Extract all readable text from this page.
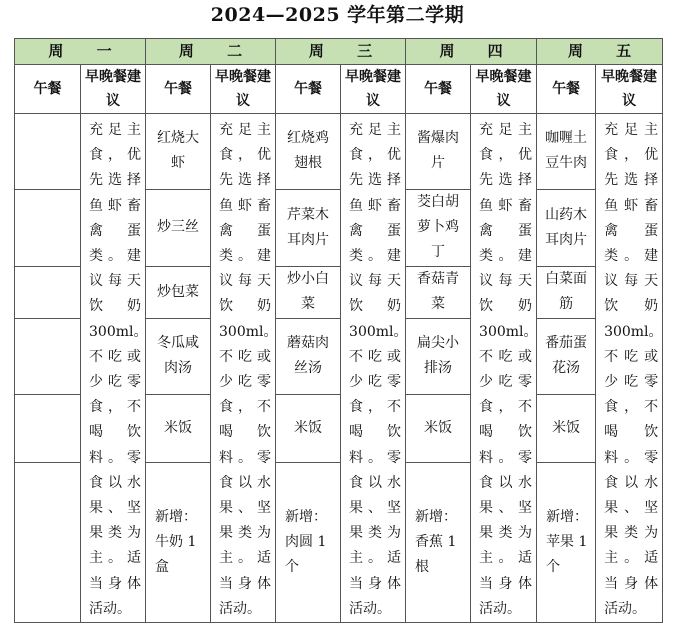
2024—2025 学年第二学期
周 一		周 二		周 三		周 四		周 五	
午餐	早晚餐建议	午餐	早晚餐建议	午餐	早晚餐建议	午餐	早晚餐建议	午餐	早晚餐建议
	充足主食，优先选择鱼虾畜禽蛋类。建议每天饮奶300ml。不吃或少吃零食，不喝饮料。零食以水果、坚果类为主。适当身体活动。	红烧大虾	充足主食，优先选择鱼虾畜禽蛋类。建议每天饮奶300ml。不吃或少吃零食，不喝饮料。零食以水果、坚果类为主。适当身体活动。	红烧鸡翅根	充足主食，优先选择鱼虾畜禽蛋类。建议每天饮奶300ml。不吃或少吃零食，不喝饮料。零食以水果、坚果类为主。适当身体活动。	酱爆肉片	充足主食，优先选择鱼虾畜禽蛋类。建议每天饮奶300ml。不吃或少吃零食，不喝饮料。零食以水果、坚果类为主。适当身体活动。	咖喱土豆牛肉	充足主食，优先选择鱼虾畜禽蛋类。建议每天饮奶300ml。不吃或少吃零食，不喝饮料。零食以水果、坚果类为主。适当身体活动。
		炒三丝		芹菜木耳肉片		茭白胡萝卜鸡丁		山药木耳肉片	
		炒包菜		炒小白菜		香菇青菜		白菜面筋	
		冬瓜咸肉汤		蘑菇肉丝汤		扁尖小排汤		番茄蛋花汤	
		米饭		米饭		米饭		米饭	
		新增：牛奶 1 盒		新增：肉圆 1 个		新增：香蕉 1 根		新增：苹果 1 个	
